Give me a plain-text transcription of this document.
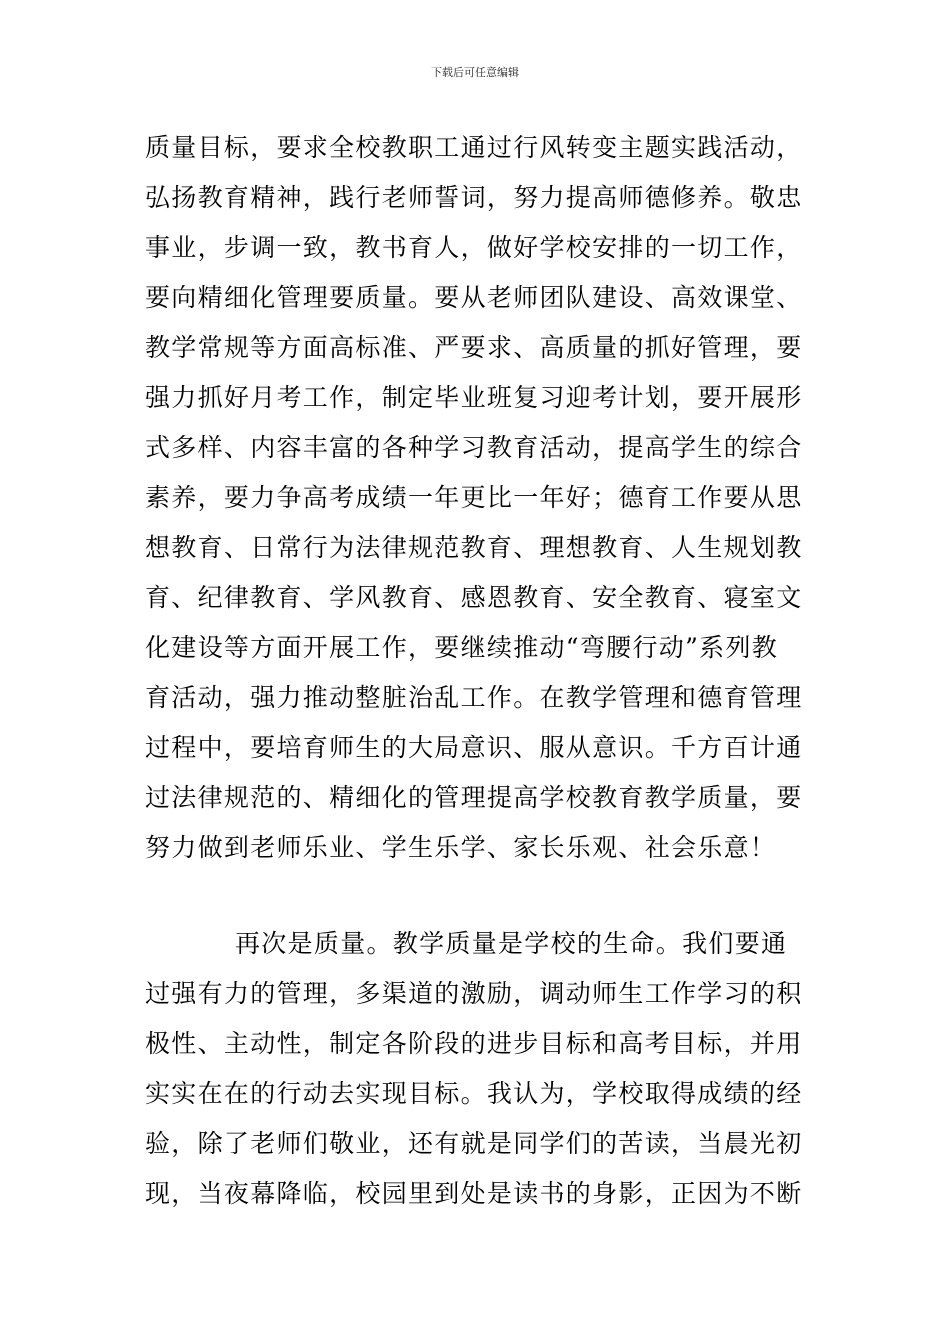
下载后可任意编辑
质量目标，要求全校教职工通过行风转变主题实践活动，
弘扬教育精神，践行老师誓词，努力提高师德修养。敬忠
事业，步调一致，教书育人，做好学校安排的一切工作，
要向精细化管理要质量。要从老师团队建设、高效课堂、
教学常规等方面高标准、严要求、高质量的抓好管理，要
强力抓好月考工作，制定毕业班复习迎考计划，要开展形
式多样、内容丰富的各种学习教育活动，提高学生的综合
素养，要力争高考成绩一年更比一年好；德育工作要从思
想教育、日常行为法律规范教育、理想教育、人生规划教
育、纪律教育、学风教育、感恩教育、安全教育、寝室文
化建设等方面开展工作，要继续推动“弯腰行动”系列教
育活动，强力推动整脏治乱工作。在教学管理和德育管理
过程中，要培育师生的大局意识、服从意识。千方百计通
过法律规范的、精细化的管理提高学校教育教学质量，要
努力做到老师乐业、学生乐学、家长乐观、社会乐意！
再次是质量。教学质量是学校的生命。我们要通
过强有力的管理，多渠道的激励，调动师生工作学习的积
极性、主动性，制定各阶段的进步目标和高考目标，并用
实实在在的行动去实现目标。我认为，学校取得成绩的经
验，除了老师们敬业，还有就是同学们的苦读，当晨光初
现，当夜幕降临，校园里到处是读书的身影，正因为不断
